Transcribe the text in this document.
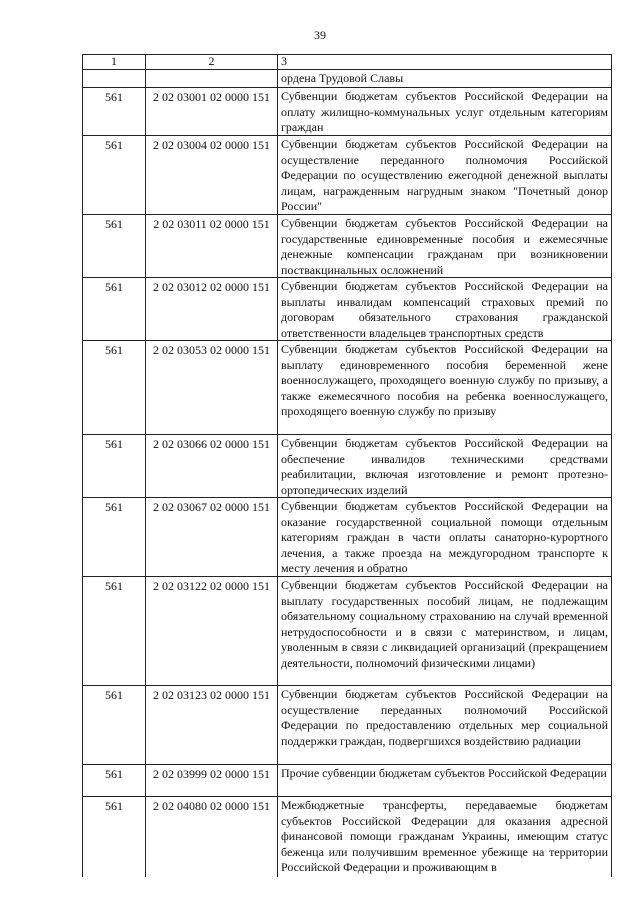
39
1	2	3
ордена Трудовой Славы
561	2 02 03001 02 0000 151 Субвенции бюджетам субъектов Российской Федерации на оплату жилищно-коммунальных услуг отдельным категориям граждан
561	2 02 03004 02 0000 151 Субвенции бюджетам субъектов Российской Федерации на осуществление переданного полномочия Российской Федерации по осуществлению ежегодной денежной выплаты лицам, награжденным нагрудным знаком "Почетный донор России"
561	2 02 03011 02 0000 151 Субвенции бюджетам субъектов Российской Федерации на государственные единовременные пособия и ежемесячные денежные компенсации гражданам при возникновении поствакцинальных осложнений
561	2 02 03012 02 0000 151 Субвенции бюджетам субъектов Российской Федерации на выплаты инвалидам компенсаций страховых премий по договорам обязательного страхования гражданской ответственности владельцев транспортных средств
561	2 02 03053 02 0000 151 Субвенции бюджетам субъектов Российской Федерации на выплату единовременного пособия беременной жене военнослужащего, проходящего военную службу по призыву, а также ежемесячного пособия на ребенка военнослужащего, проходящего военную службу по призыву
561	2 02 03066 02 0000 151 Субвенции бюджетам субъектов Российской Федерации на обеспечение инвалидов техническими средствами реабилитации, включая изготовление и ремонт протезно-ортопедических изделий
561	2 02 03067 02 0000 151 Субвенции бюджетам субъектов Российской Федерации на оказание государственной социальной помощи отдельным категориям граждан в части оплаты санаторно-курортного лечения, а также проезда на междугородном транспорте к месту лечения и обратно
561	2 02 03122 02 0000 151 Субвенции бюджетам субъектов Российской Федерации на выплату государственных пособий лицам, не подлежащим обязательному социальному страхованию на случай временной нетрудоспособности и в связи с материнством, и лицам, уволенным в связи с ликвидацией организаций (прекращением деятельности, полномочий физическими лицами)
561	2 02 03123 02 0000 151 Субвенции бюджетам субъектов Российской Федерации на осуществление переданных полномочий Российской Федерации по предоставлению отдельных мер социальной поддержки граждан, подвергшихся воздействию радиации
561	2 02 03999 02 0000 151 Прочие субвенции бюджетам субъектов Российской Федерации
561	2 02 04080 02 0000 151 Межбюджетные трансферты, передаваемые бюджетам субъектов Российской Федерации для оказания адресной финансовой помощи гражданам Украины, имеющим статус беженца или получившим временное убежище на территории Российской Федерации и проживающим в
